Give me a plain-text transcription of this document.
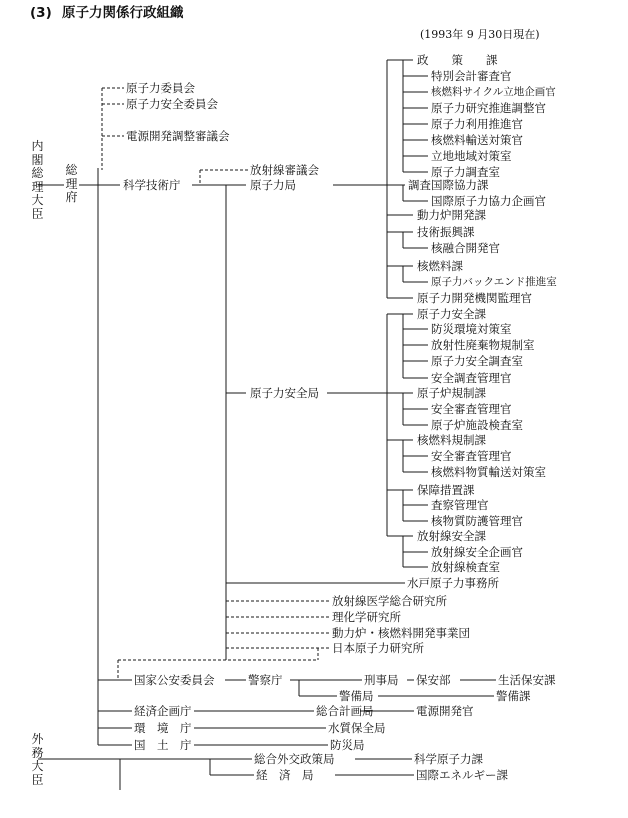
(3) 原子力関係行政組織
(1993年 9 月30日現在)
内閣総理大臣
総理府
外務大臣
原子力委員会
原子力安全委員会
電源開発調整審議会
科学技術庁
放射線審議会
原子力局
原子力安全局
政　　策　　課
特別会計審査官
核燃料サイクル立地企画官
原子力研究推進調整官
原子力利用推進官
核燃料輸送対策官
立地地域対策室
原子力調査室
調査国際協力課
国際原子力協力企画官
動力炉開発課
技術振興課
核融合開発官
核燃料課
原子力バックエンド推進室
原子力開発機関監理官
原子力安全課
防災環境対策室
放射性廃棄物規制室
原子力安全調査室
安全調査管理官
原子炉規制課
安全審査管理官
原子炉施設検査室
核燃料規制課
安全審査管理官
核燃料物質輸送対策室
保障措置課
査察管理官
核物質防護管理官
放射線安全課
放射線安全企画官
放射線検査室
水戸原子力事務所
放射線医学総合研究所
理化学研究所
動力炉・核燃料開発事業団
日本原子力研究所
国家公安委員会	警察庁	刑事局
警備局
保安部	生活保安課
警備課
経済企画庁	総合計画局	電源開発官
環　境　庁	水質保全局
国　土　庁	防災局
総合外交政策局	科学原子力課
経　済　局	国際エネルギー課
